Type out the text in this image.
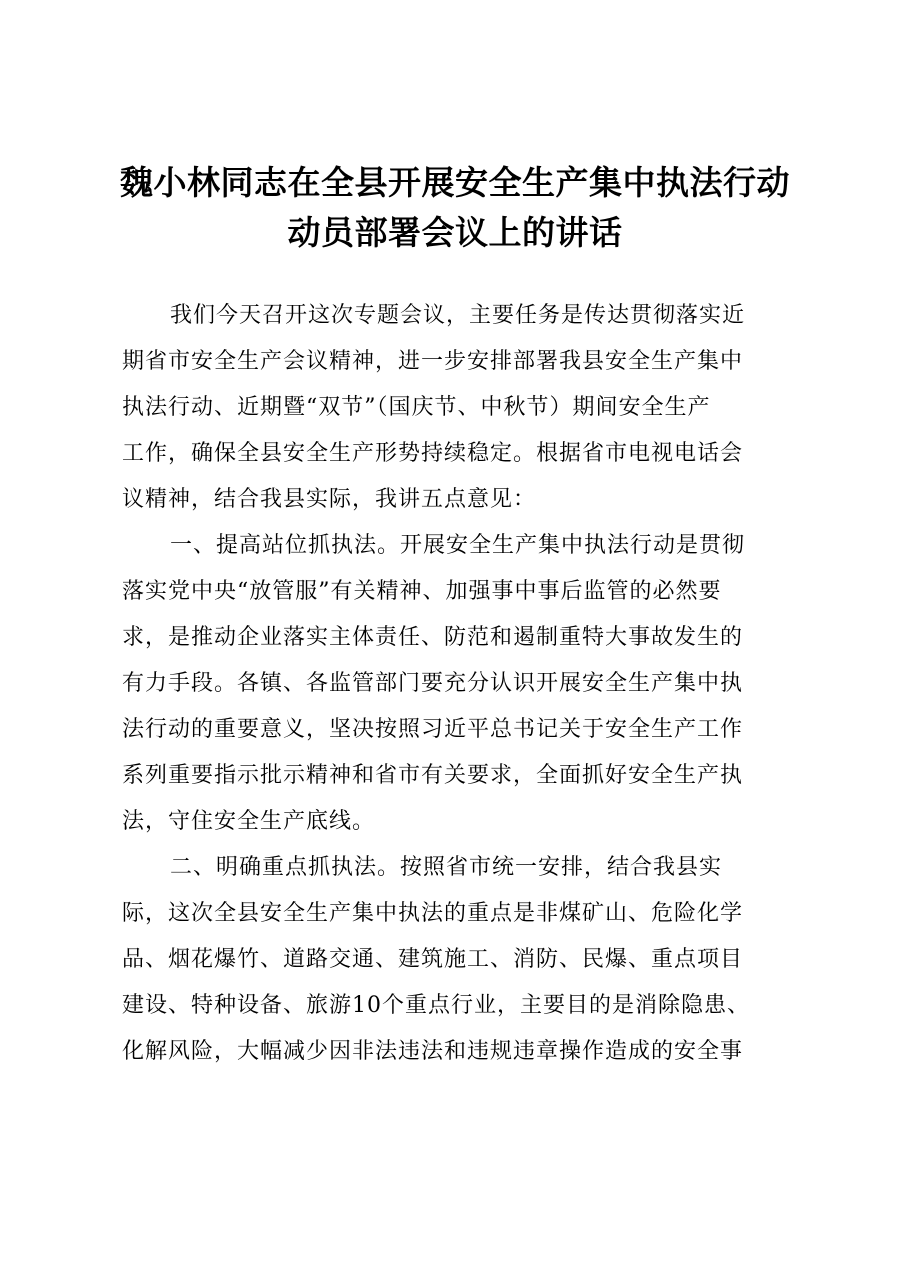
魏小林同志在全县开展安全生产集中执法行动
动员部署会议上的讲话
我们今天召开这次专题会议，主要任务是传达贯彻落实近
期省市安全生产会议精神，进一步安排部署我县安全生产集中
执法行动、近期暨“双节”（国庆节、中秋节）期间安全生产
工作，确保全县安全生产形势持续稳定。根据省市电视电话会
议精神，结合我县实际，我讲五点意见：
一、提高站位抓执法。开展安全生产集中执法行动是贯彻
落实党中央“放管服”有关精神、加强事中事后监管的必然要
求，是推动企业落实主体责任、防范和遏制重特大事故发生的
有力手段。各镇、各监管部门要充分认识开展安全生产集中执
法行动的重要意义，坚决按照习近平总书记关于安全生产工作
系列重要指示批示精神和省市有关要求，全面抓好安全生产执
法，守住安全生产底线。
二、明确重点抓执法。按照省市统一安排，结合我县实
际，这次全县安全生产集中执法的重点是非煤矿山、危险化学
品、烟花爆竹、道路交通、建筑施工、消防、民爆、重点项目
建设、特种设备、旅游10个重点行业，主要目的是消除隐患、
化解风险，大幅减少因非法违法和违规违章操作造成的安全事
